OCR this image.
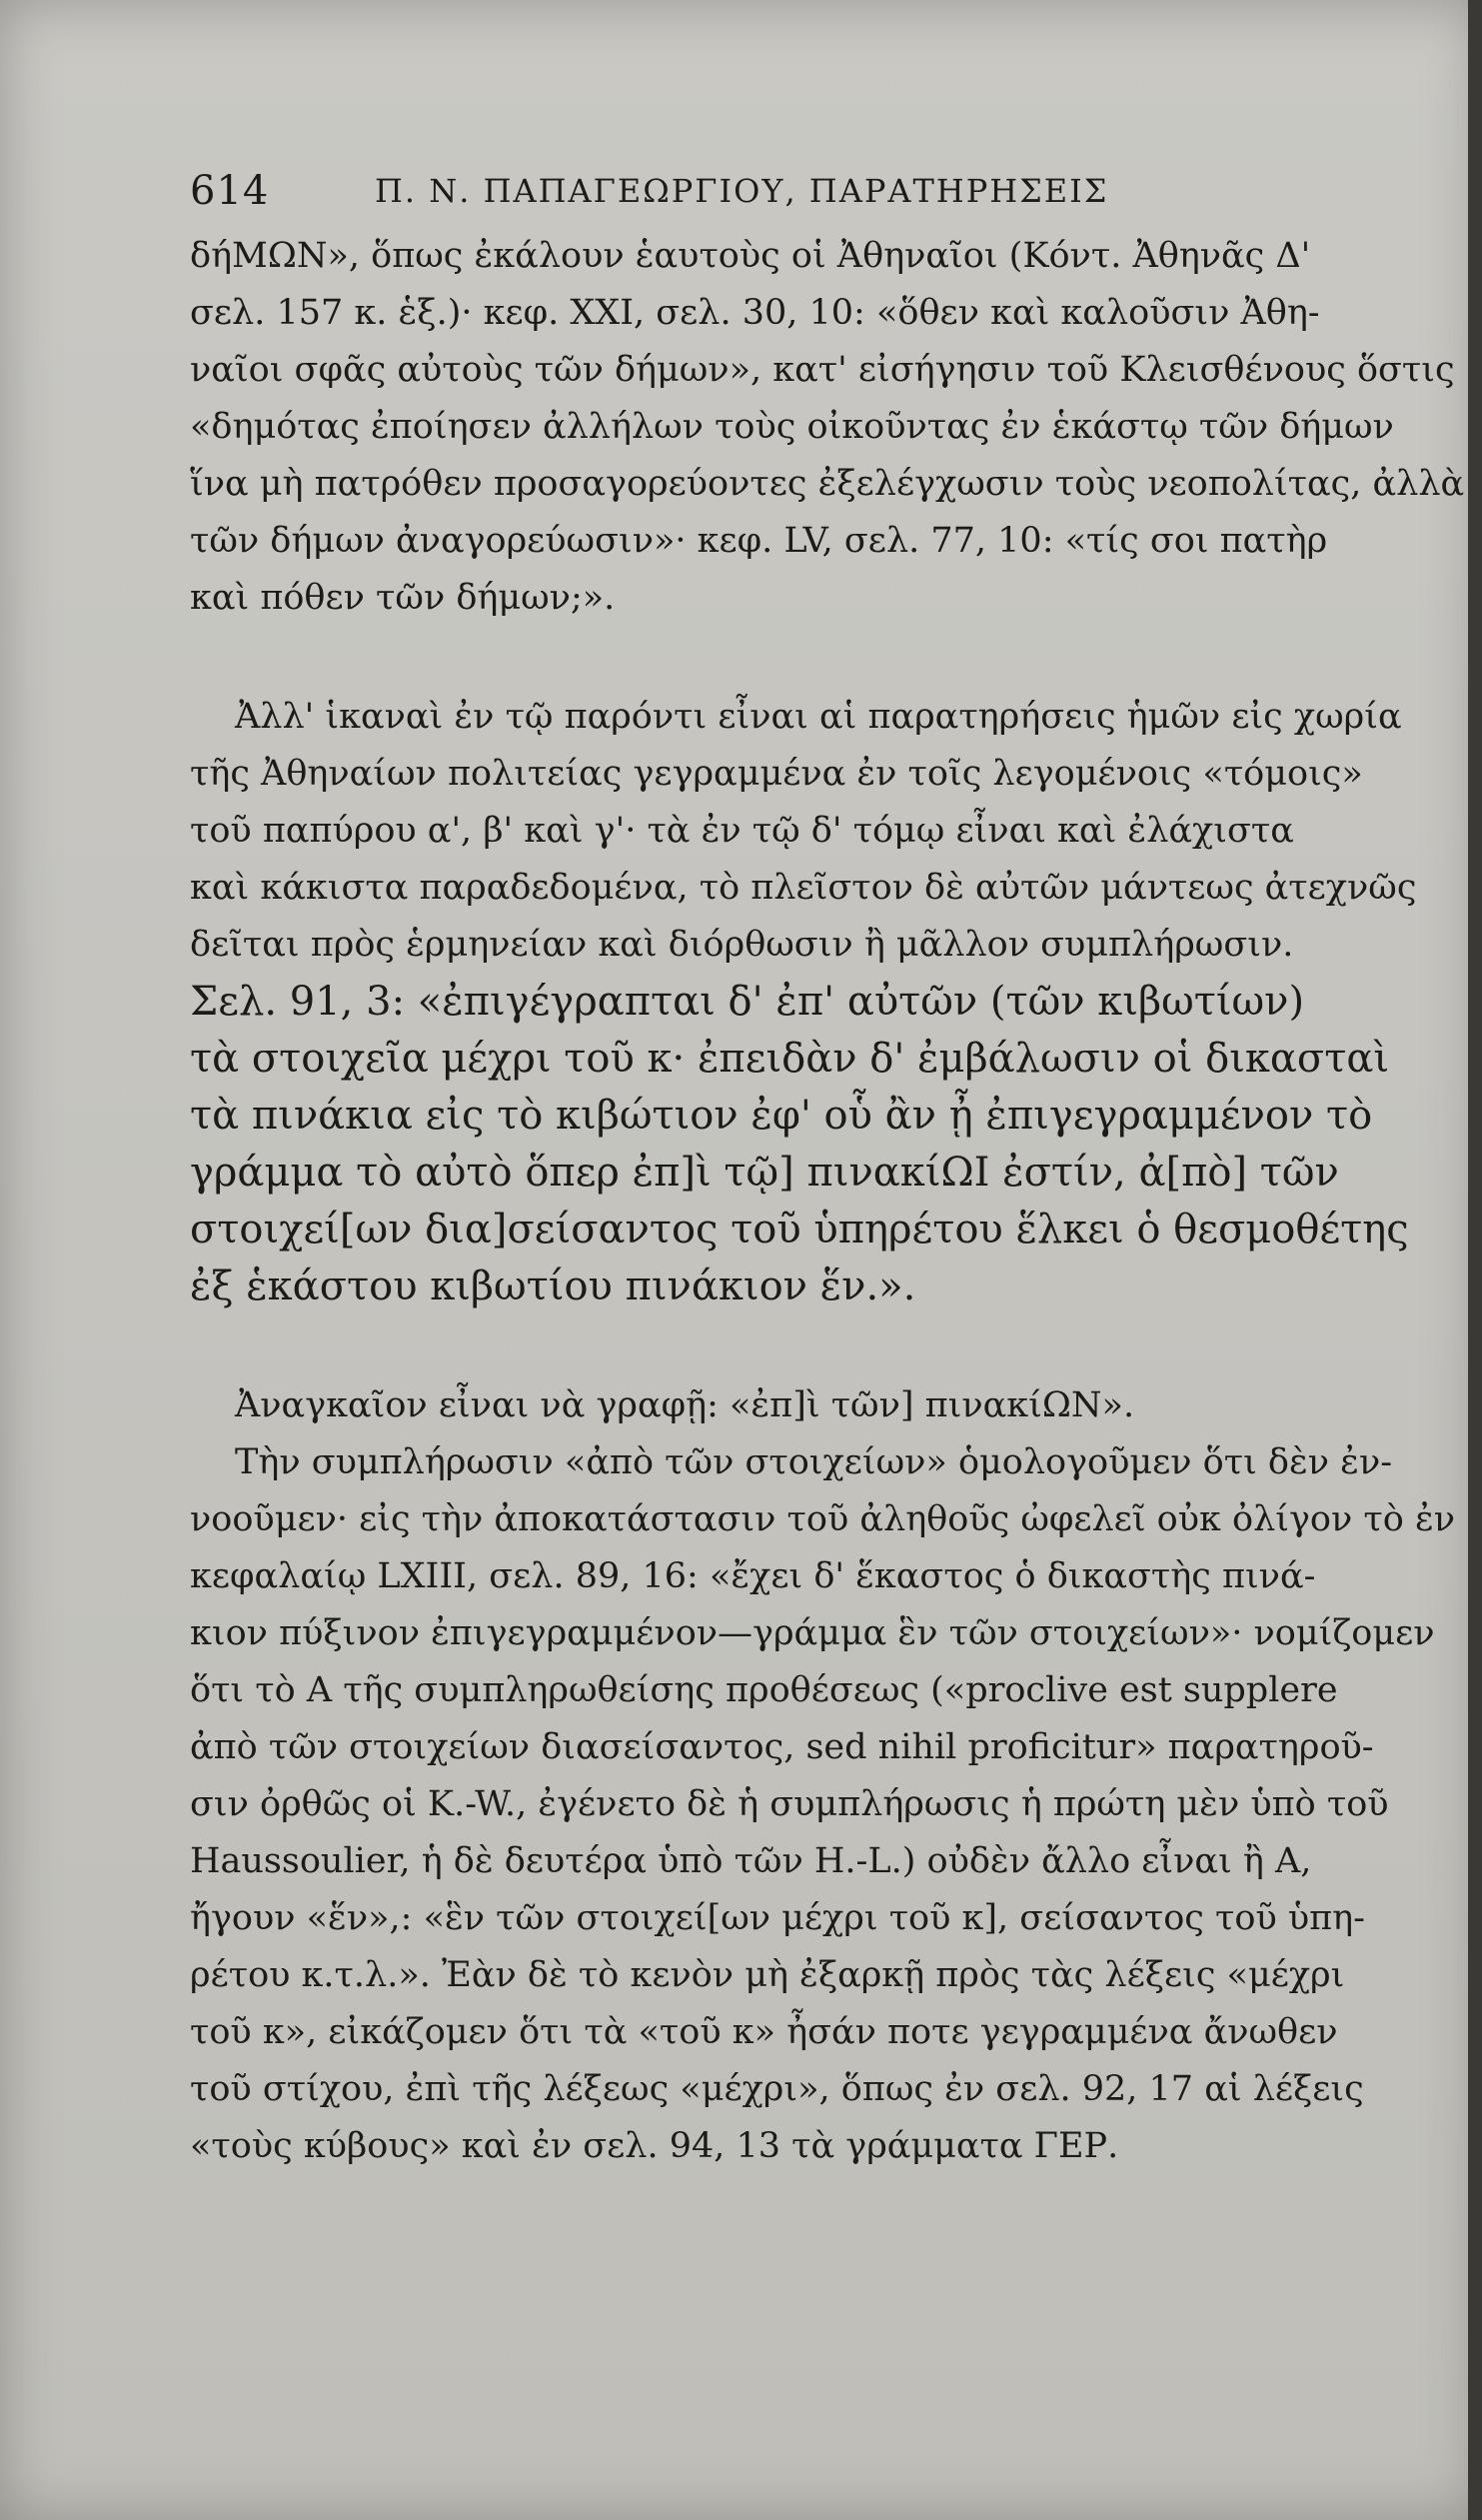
614	Π. Ν. ΠΑΠΑΓΕΩΡΓΙΟΥ, ΠΑΡΑΤΗΡΗΣΕΙΣ

δήΜΩΝ», ὅπως ἐκάλουν ἑαυτοὺς οἱ Ἀθηναῖοι (Κόντ. Ἀθηνᾶς Δ'
σελ. 157 κ. ἑξ.)· κεφ. XXI, σελ. 30, 10: «ὅθεν καὶ καλοῦσιν Ἀθη-
ναῖοι σφᾶς αὐτοὺς τῶν δήμων», κατ' εἰσήγησιν τοῦ Κλεισθένους ὅστις
«δημότας ἐποίησεν ἀλλήλων τοὺς οἰκοῦντας ἐν ἑκάστῳ τῶν δήμων
ἵνα μὴ πατρόθεν προσαγορεύοντες ἐξελέγχωσιν τοὺς νεοπολίτας, ἀλλὰ
τῶν δήμων ἀναγορεύωσιν»· κεφ. LV, σελ. 77, 10: «τίς σοι πατὴρ
καὶ πόθεν τῶν δήμων;».

Ἀλλ' ἱκαναὶ ἐν τῷ παρόντι εἶναι αἱ παρατηρήσεις ἡμῶν εἰς χωρία
τῆς Ἀθηναίων πολιτείας γεγραμμένα ἐν τοῖς λεγομένοις «τόμοις»
τοῦ παπύρου α', β' καὶ γ'· τὰ ἐν τῷ δ' τόμῳ εἶναι καὶ ἐλάχιστα
καὶ κάκιστα παραδεδομένα, τὸ πλεῖστον δὲ αὐτῶν μάντεως ἀτεχνῶς
δεῖται πρὸς ἑρμηνείαν καὶ διόρθωσιν ἢ μᾶλλον συμπλήρωσιν.

Σελ. 91, 3: «ἐπιγέγραπται δ' ἐπ' αὐτῶν (τῶν κιβωτίων)
τὰ στοιχεῖα μέχρι τοῦ κ· ἐπειδὰν δ' ἐμβάλωσιν οἱ δικασταὶ
τὰ πινάκια εἰς τὸ κιβώτιον ἐφ' οὗ ἂν ᾖ ἐπιγεγραμμένον τὸ
γράμμα τὸ αὐτὸ ὅπερ ἐπ]ὶ τῷ] πινακίΩΙ ἐστίν, ἀ[πὸ] τῶν
στοιχεί[ων δια]σείσαντος τοῦ ὑπηρέτου ἕλκει ὁ θεσμοθέτης
ἐξ ἑκάστου κιβωτίου πινάκιον ἕν.».

Ἀναγκαῖον εἶναι νὰ γραφῇ: «ἐπ]ὶ τῶν] πινακίΩΝ».

Τὴν συμπλήρωσιν «ἀπὸ τῶν στοιχείων» ὁμολογοῦμεν ὅτι δὲν ἐν-
νοοῦμεν· εἰς τὴν ἀποκατάστασιν τοῦ ἀληθοῦς ὠφελεῖ οὐκ ὀλίγον τὸ ἐν
κεφαλαίῳ LXIII, σελ. 89, 16: «ἔχει δ' ἕκαστος ὁ δικαστὴς πινά-
κιον πύξινον ἐπιγεγραμμένον—γράμμα ἓν τῶν στοιχείων»· νομίζομεν
ὅτι τὸ Α τῆς συμπληρωθείσης προθέσεως («proclive est supplere
ἀπὸ τῶν στοιχείων διασείσαντος, sed nihil proficitur» παρατηροῦ-
σιν ὀρθῶς οἱ K.-W., ἐγένετο δὲ ἡ συμπλήρωσις ἡ πρώτη μὲν ὑπὸ τοῦ
Haussoulier, ἡ δὲ δευτέρα ὑπὸ τῶν H.-L.) οὐδὲν ἄλλο εἶναι ἢ Α,
ἤγουν «ἕν»,: «ἓν τῶν στοιχεί[ων μέχρι τοῦ κ], σείσαντος τοῦ ὑπη-
ρέτου κ.τ.λ.». Ἐὰν δὲ τὸ κενὸν μὴ ἐξαρκῇ πρὸς τὰς λέξεις «μέχρι
τοῦ κ», εἰκάζομεν ὅτι τὰ «τοῦ κ» ἦσάν ποτε γεγραμμένα ἄνωθεν
τοῦ στίχου, ἐπὶ τῆς λέξεως «μέχρι», ὅπως ἐν σελ. 92, 17 αἱ λέξεις
«τοὺς κύβους» καὶ ἐν σελ. 94, 13 τὰ γράμματα ΓΕΡ.
